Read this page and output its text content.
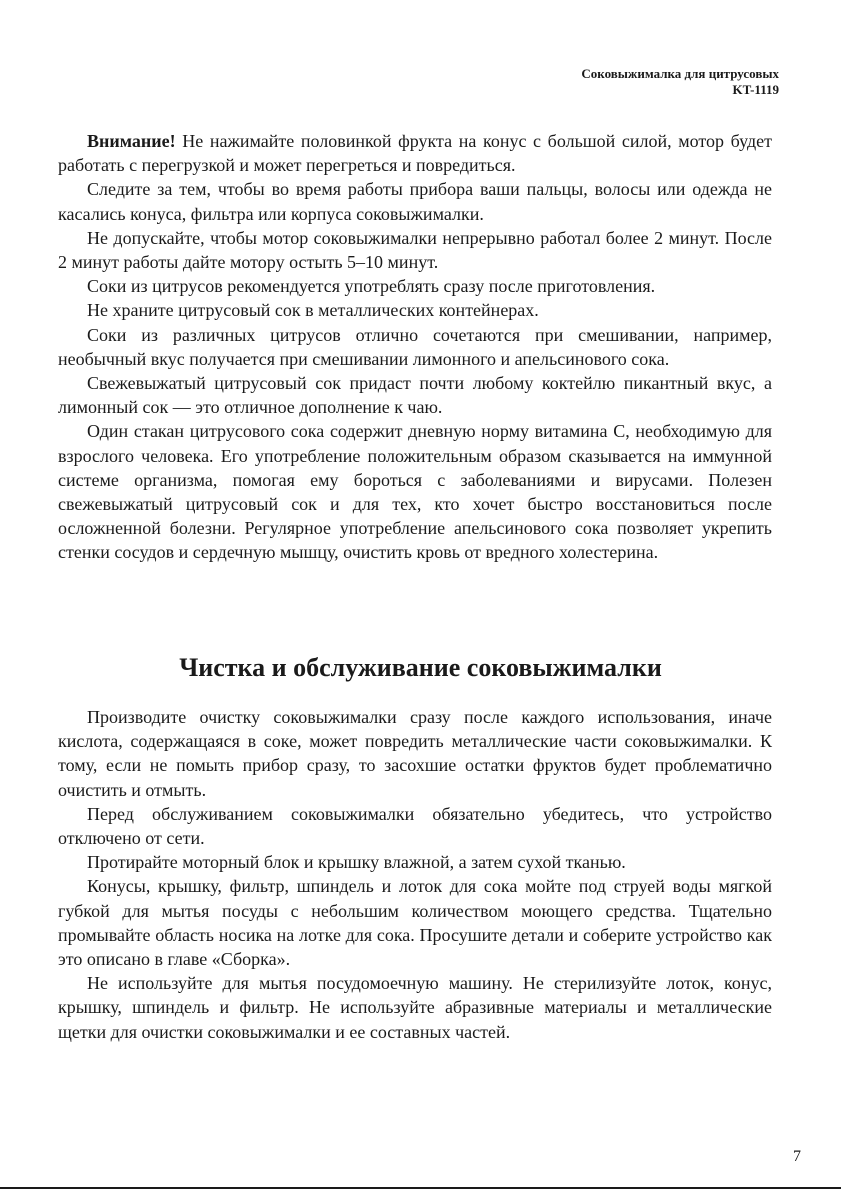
Соковыжималка для цитрусовых
KT-1119

Внимание! Не нажимайте половинкой фрукта на конус с большой силой, мотор будет работать с перегрузкой и может перегреться и повредиться.

Следите за тем, чтобы во время работы прибора ваши пальцы, волосы или одежда не касались конуса, фильтра или корпуса соковыжималки.

Не допускайте, чтобы мотор соковыжималки непрерывно работал более 2 минут. После 2 минут работы дайте мотору остыть 5–10 минут.

Соки из цитрусов рекомендуется употреблять сразу после приготовления.

Не храните цитрусовый сок в металлических контейнерах.

Соки из различных цитрусов отлично сочетаются при смешивании, например, необычный вкус получается при смешивании лимонного и апельсинового сока.

Свежевыжатый цитрусовый сок придаст почти любому коктейлю пикантный вкус, а лимонный сок — это отличное дополнение к чаю.

Один стакан цитрусового сока содержит дневную норму витамина С, необходимую для взрослого человека. Его употребление положительным образом сказывается на иммунной системе организма, помогая ему бороться с заболеваниями и вирусами. Полезен свежевыжатый цитрусовый сок и для тех, кто хочет быстро восстановиться после осложненной болезни. Регулярное употребление апельсинового сока позволяет укрепить стенки сосудов и сердечную мышцу, очистить кровь от вредного холестерина.

Чистка и обслуживание соковыжималки

Производите очистку соковыжималки сразу после каждого использования, иначе кислота, содержащаяся в соке, может повредить металлические части соковыжималки. К тому, если не помыть прибор сразу, то засохшие остатки фруктов будет проблематично очистить и отмыть.

Перед обслуживанием соковыжималки обязательно убедитесь, что устройство отключено от сети.

Протирайте моторный блок и крышку влажной, а затем сухой тканью.

Конусы, крышку, фильтр, шпиндель и лоток для сока мойте под струей воды мягкой губкой для мытья посуды с небольшим количеством моющего средства. Тщательно промывайте область носика на лотке для сока. Просушите детали и соберите устройство как это описано в главе «Сборка».

Не используйте для мытья посудомоечную машину. Не стерилизуйте лоток, конус, крышку, шпиндель и фильтр. Не используйте абразивные материалы и металлические щетки для очистки соковыжималки и ее составных частей.

7
